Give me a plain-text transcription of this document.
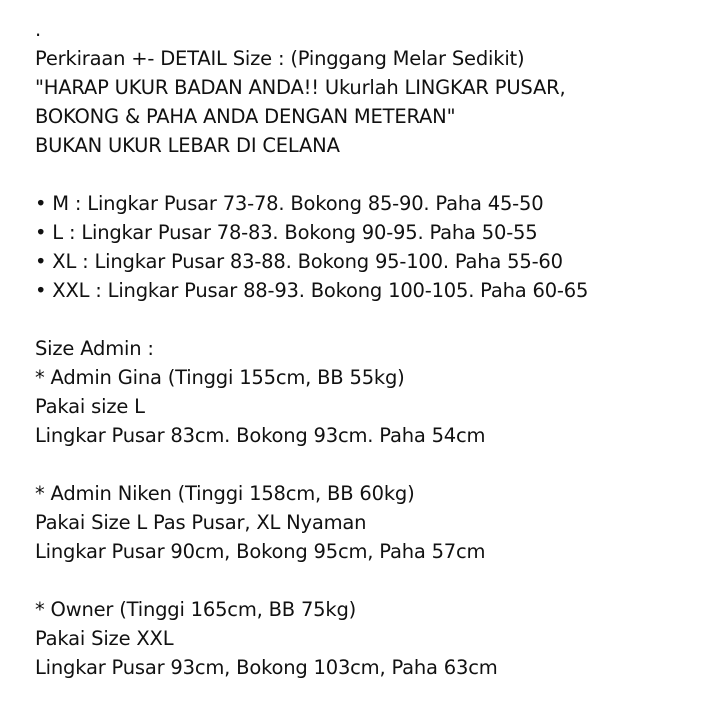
.
Perkiraan +- DETAIL Size : (Pinggang Melar Sedikit)
"HARAP UKUR BADAN ANDA!! Ukurlah LINGKAR PUSAR,
BOKONG & PAHA ANDA DENGAN METERAN"
BUKAN UKUR LEBAR DI CELANA
• M : Lingkar Pusar 73-78. Bokong 85-90. Paha 45-50
• L : Lingkar Pusar 78-83. Bokong 90-95. Paha 50-55
• XL : Lingkar Pusar 83-88. Bokong 95-100. Paha 55-60
• XXL : Lingkar Pusar 88-93. Bokong 100-105. Paha 60-65
Size Admin :
* Admin Gina (Tinggi 155cm, BB 55kg)
Pakai size L
Lingkar Pusar 83cm. Bokong 93cm. Paha 54cm
* Admin Niken (Tinggi 158cm, BB 60kg)
Pakai Size L Pas Pusar, XL Nyaman
Lingkar Pusar 90cm, Bokong 95cm, Paha 57cm
* Owner (Tinggi 165cm, BB 75kg)
Pakai Size XXL
Lingkar Pusar 93cm, Bokong 103cm, Paha 63cm
